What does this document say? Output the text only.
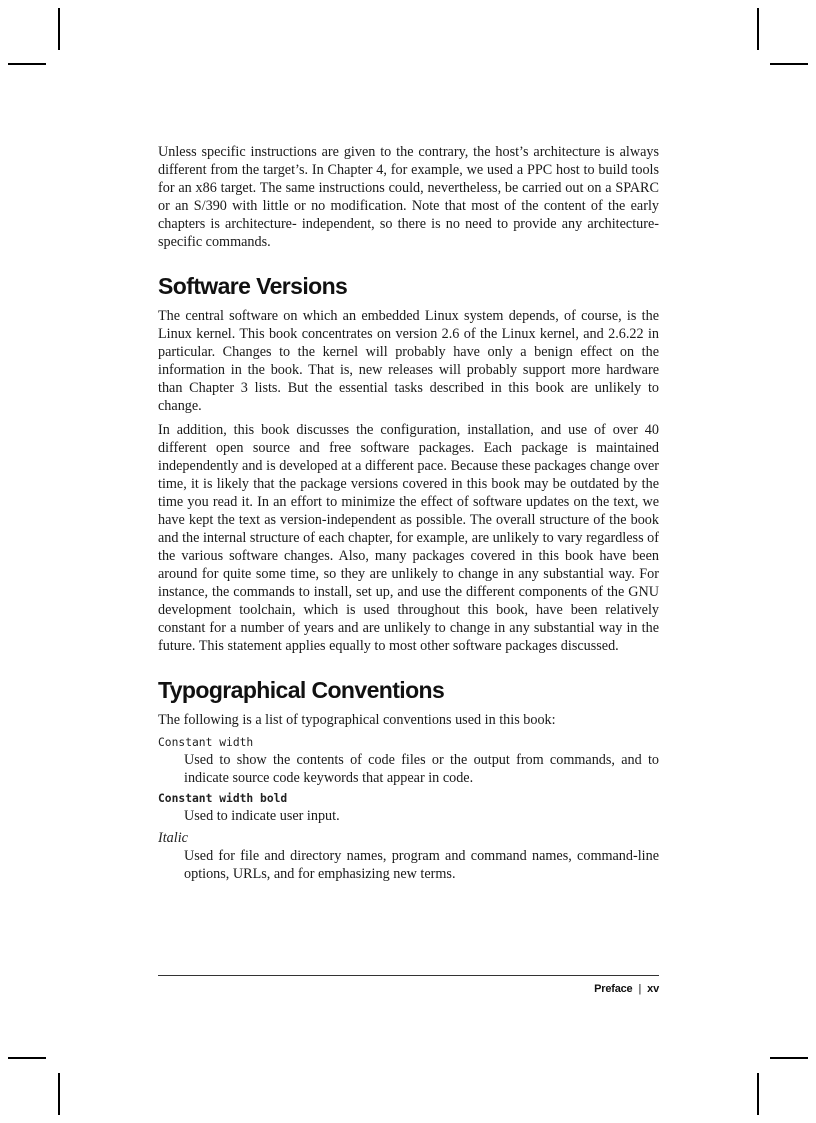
Unless specific instructions are given to the contrary, the host’s architecture is always different from the target’s. In Chapter 4, for example, we used a PPC host to build tools for an x86 target. The same instructions could, nevertheless, be carried out on a SPARC or an S/390 with little or no modification. Note that most of the content of the early chapters is architecture- independent, so there is no need to provide any architecture-specific commands.

Software Versions

The central software on which an embedded Linux system depends, of course, is the Linux kernel. This book concentrates on version 2.6 of the Linux kernel, and 2.6.22 in particular. Changes to the kernel will probably have only a benign effect on the information in the book. That is, new releases will probably support more hardware than Chapter 3 lists. But the essential tasks described in this book are unlikely to change.

In addition, this book discusses the configuration, installation, and use of over 40 different open source and free software packages. Each package is maintained independently and is developed at a different pace. Because these packages change over time, it is likely that the package versions covered in this book may be outdated by the time you read it. In an effort to minimize the effect of software updates on the text, we have kept the text as version-independent as possible. The overall structure of the book and the internal structure of each chapter, for example, are unlikely to vary regardless of the various software changes. Also, many packages covered in this book have been around for quite some time, so they are unlikely to change in any substantial way. For instance, the commands to install, set up, and use the different components of the GNU development toolchain, which is used throughout this book, have been relatively constant for a number of years and are unlikely to change in any substantial way in the future. This statement applies equally to most other software packages discussed.

Typographical Conventions

The following is a list of typographical conventions used in this book:

Constant width

Used to show the contents of code files or the output from commands, and to indicate source code keywords that appear in code.

Constant width bold

Used to indicate user input.

Italic

Used for file and directory names, program and command names, command-line options, URLs, and for emphasizing new terms.

Preface | xv
